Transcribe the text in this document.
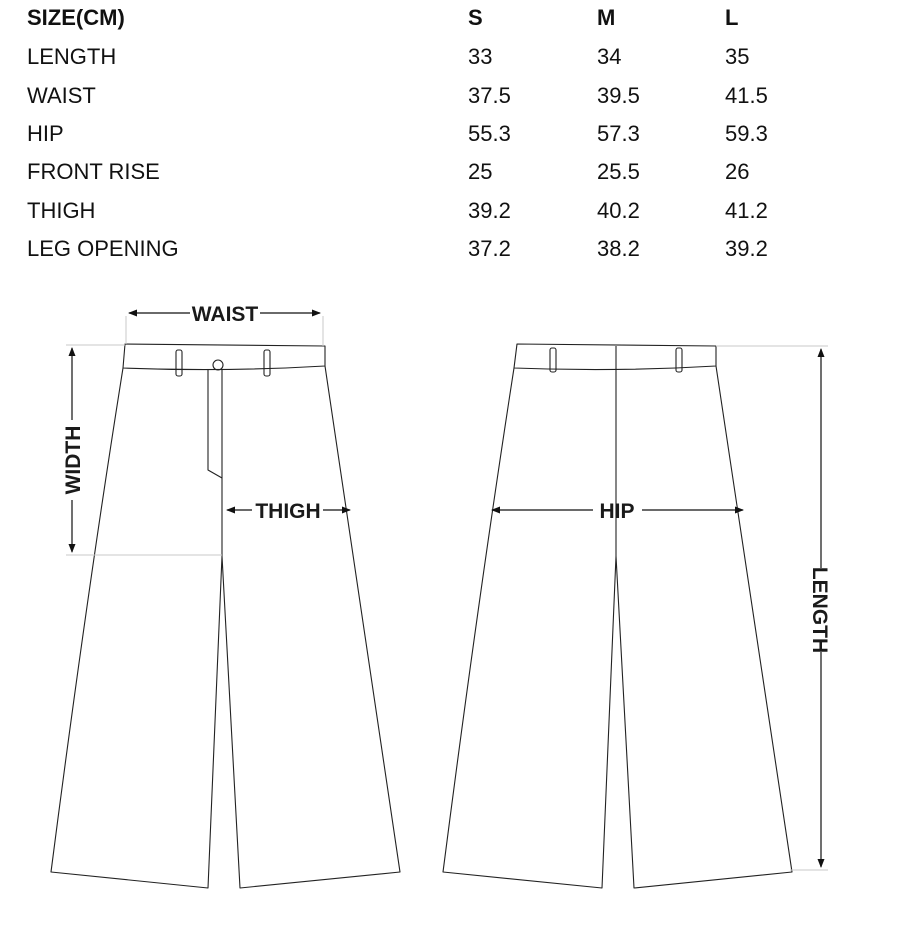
SIZE(CM)	S	M	L
LENGTH	33	34	35
WAIST	37.5	39.5	41.5
HIP	55.3	57.3	59.3
FRONT RISE	25	25.5	26
THIGH	39.2	40.2	41.2
LEG OPENING	37.2	38.2	39.2
WAIST
WIDTH
THIGH	HIP
LENGTH
